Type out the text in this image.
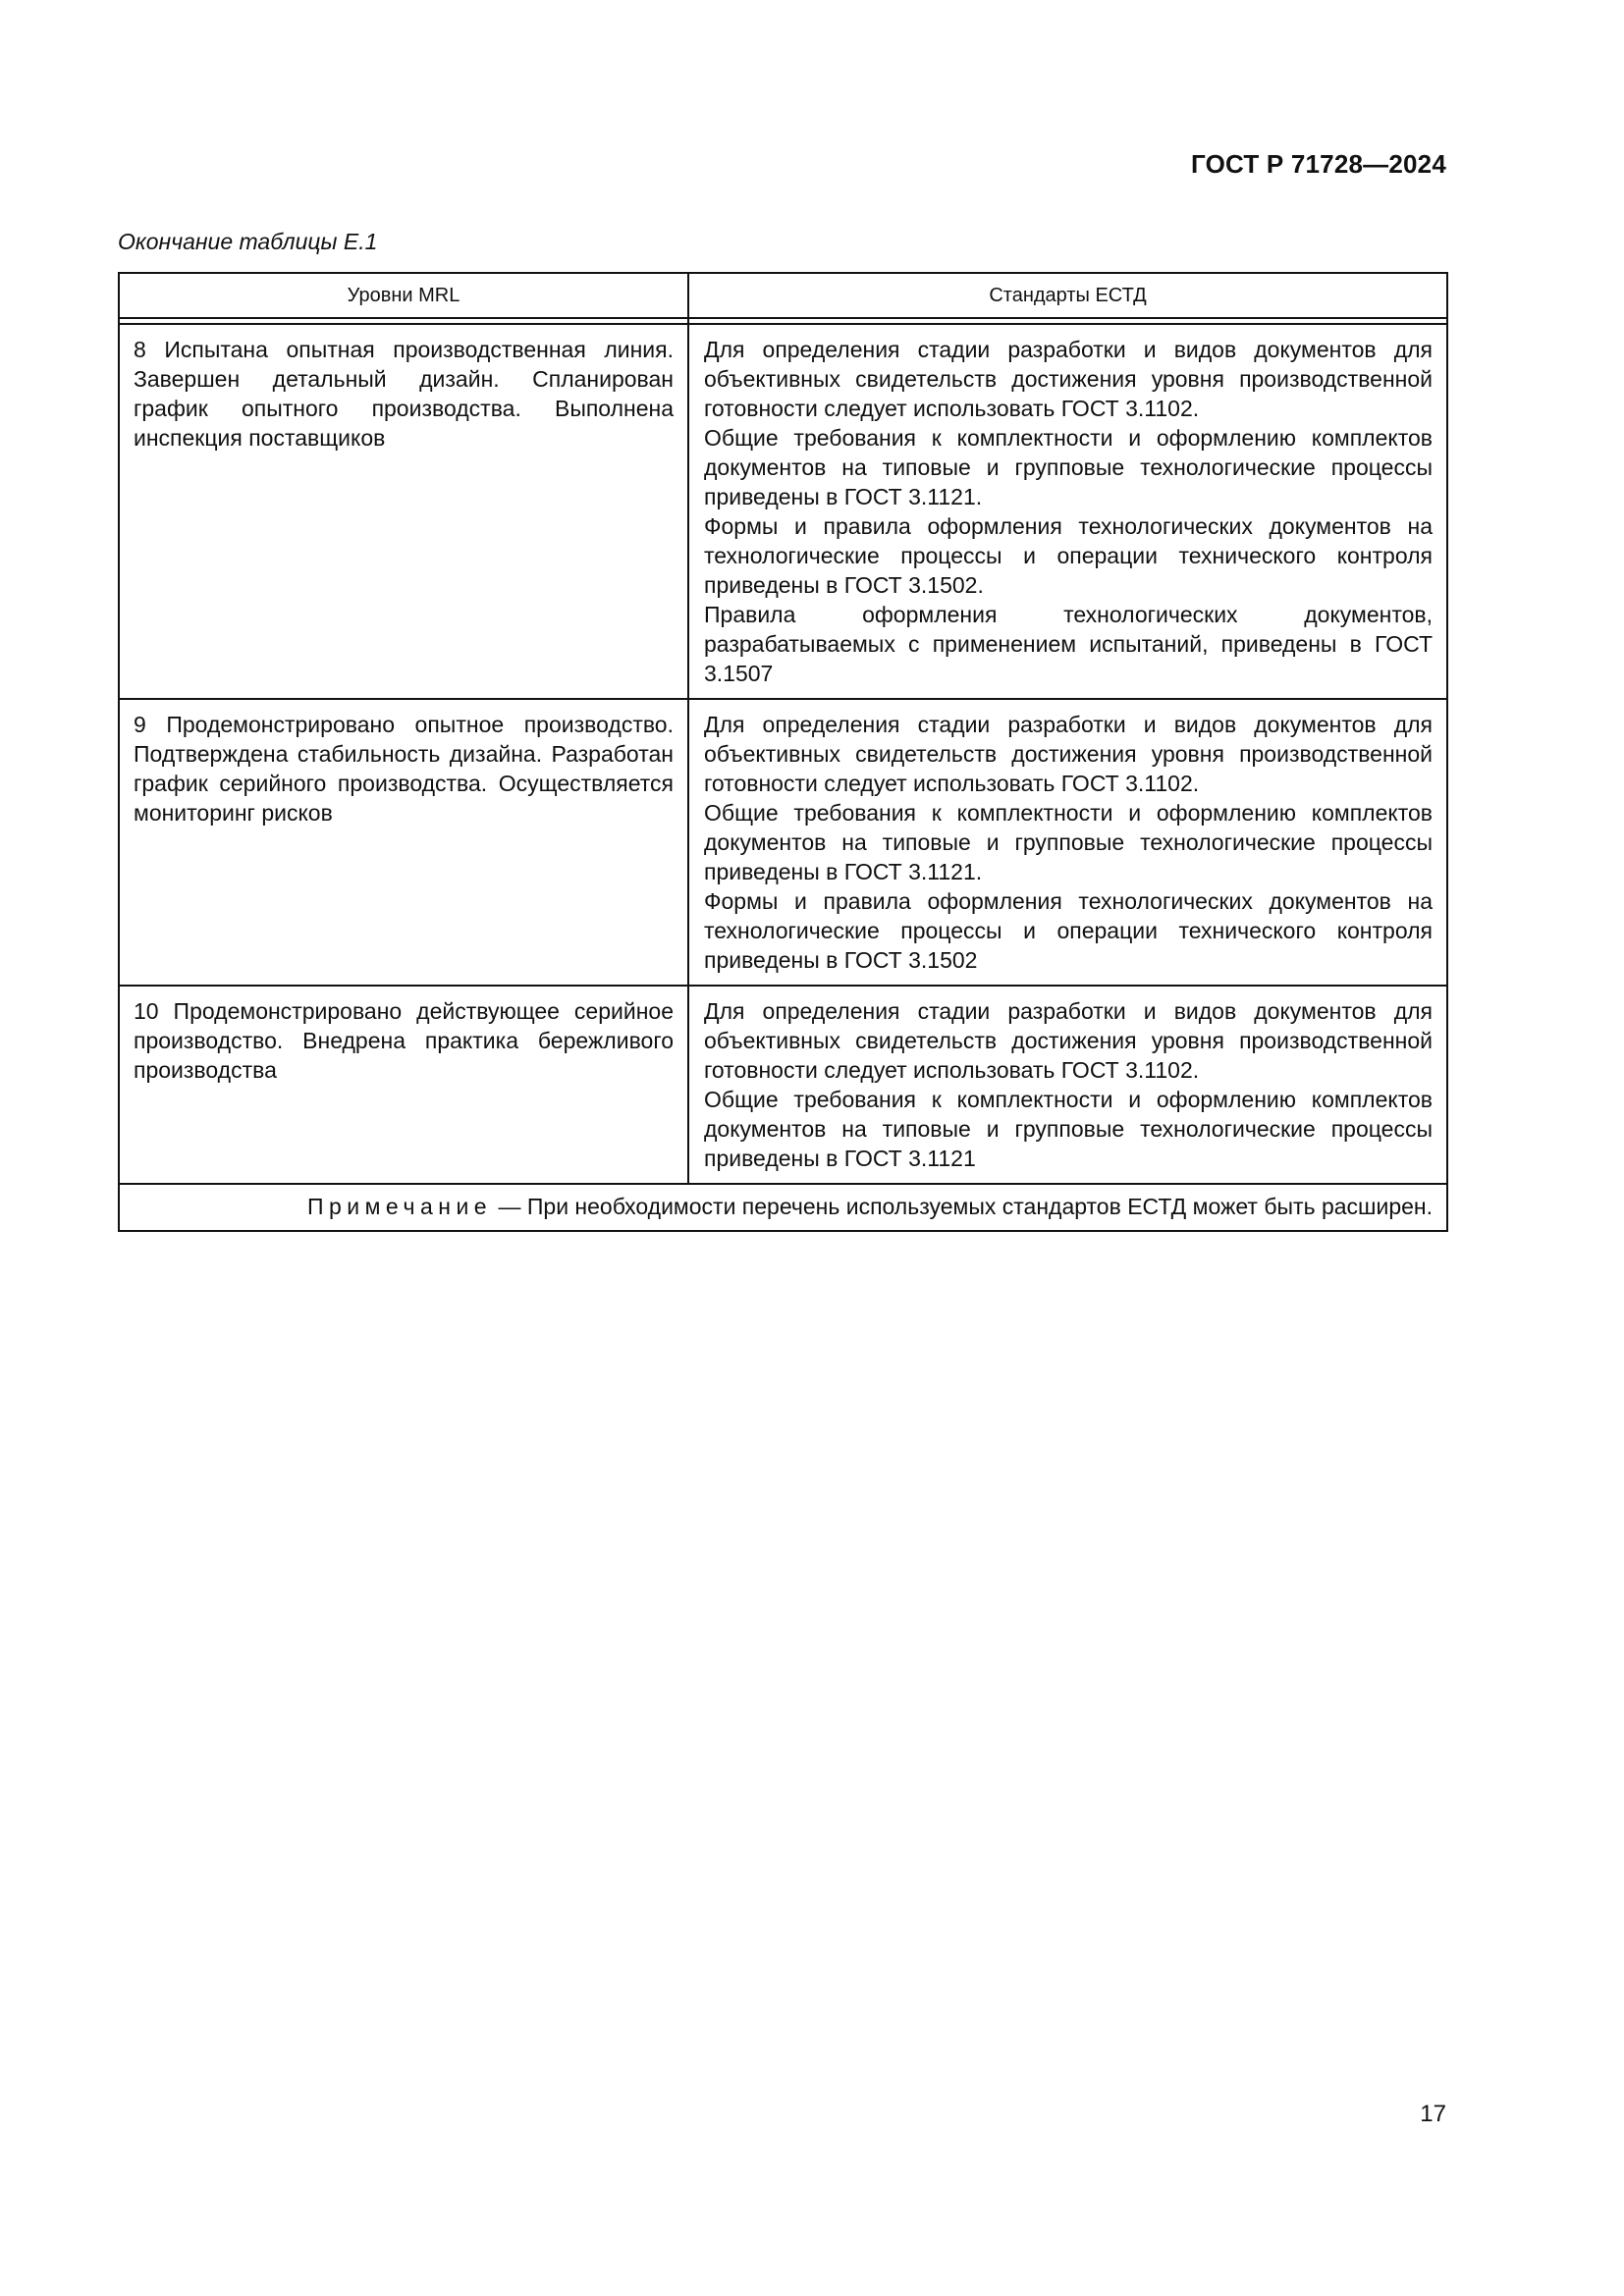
ГОСТ Р 71728—2024
Окончание таблицы Е.1
Уровни MRL	Стандарты ЕСТД

8 Испытана опытная производственная линия. Завершен детальный дизайн. Спланирован график опытного производства. Выполнена инспекция поставщиков	Для определения стадии разработки и видов документов для объективных свидетельств достижения уровня производственной готовности следует использовать ГОСТ 3.1102.
Общие требования к комплектности и оформлению комплектов документов на типовые и групповые технологические процессы приведены в ГОСТ 3.1121.
Формы и правила оформления технологических документов на технологические процессы и операции технического контроля приведены в ГОСТ 3.1502.
Правила оформления технологических документов, разрабатываемых с применением испытаний, приведены в ГОСТ 3.1507

9 Продемонстрировано опытное производство. Подтверждена стабильность дизайна. Разработан график серийного производства. Осуществляется мониторинг рисков	Для определения стадии разработки и видов документов для объективных свидетельств достижения уровня производственной готовности следует использовать ГОСТ 3.1102.
Общие требования к комплектности и оформлению комплектов документов на типовые и групповые технологические процессы приведены в ГОСТ 3.1121.
Формы и правила оформления технологических документов на технологические процессы и операции технического контроля приведены в ГОСТ 3.1502

10 Продемонстрировано действующее серийное производство. Внедрена практика бережливого производства	Для определения стадии разработки и видов документов для объективных свидетельств достижения уровня производственной готовности следует использовать ГОСТ 3.1102.
Общие требования к комплектности и оформлению комплектов документов на типовые и групповые технологические процессы приведены в ГОСТ 3.1121

Примечание — При необходимости перечень используемых стандартов ЕСТД может быть расширен.	
17
